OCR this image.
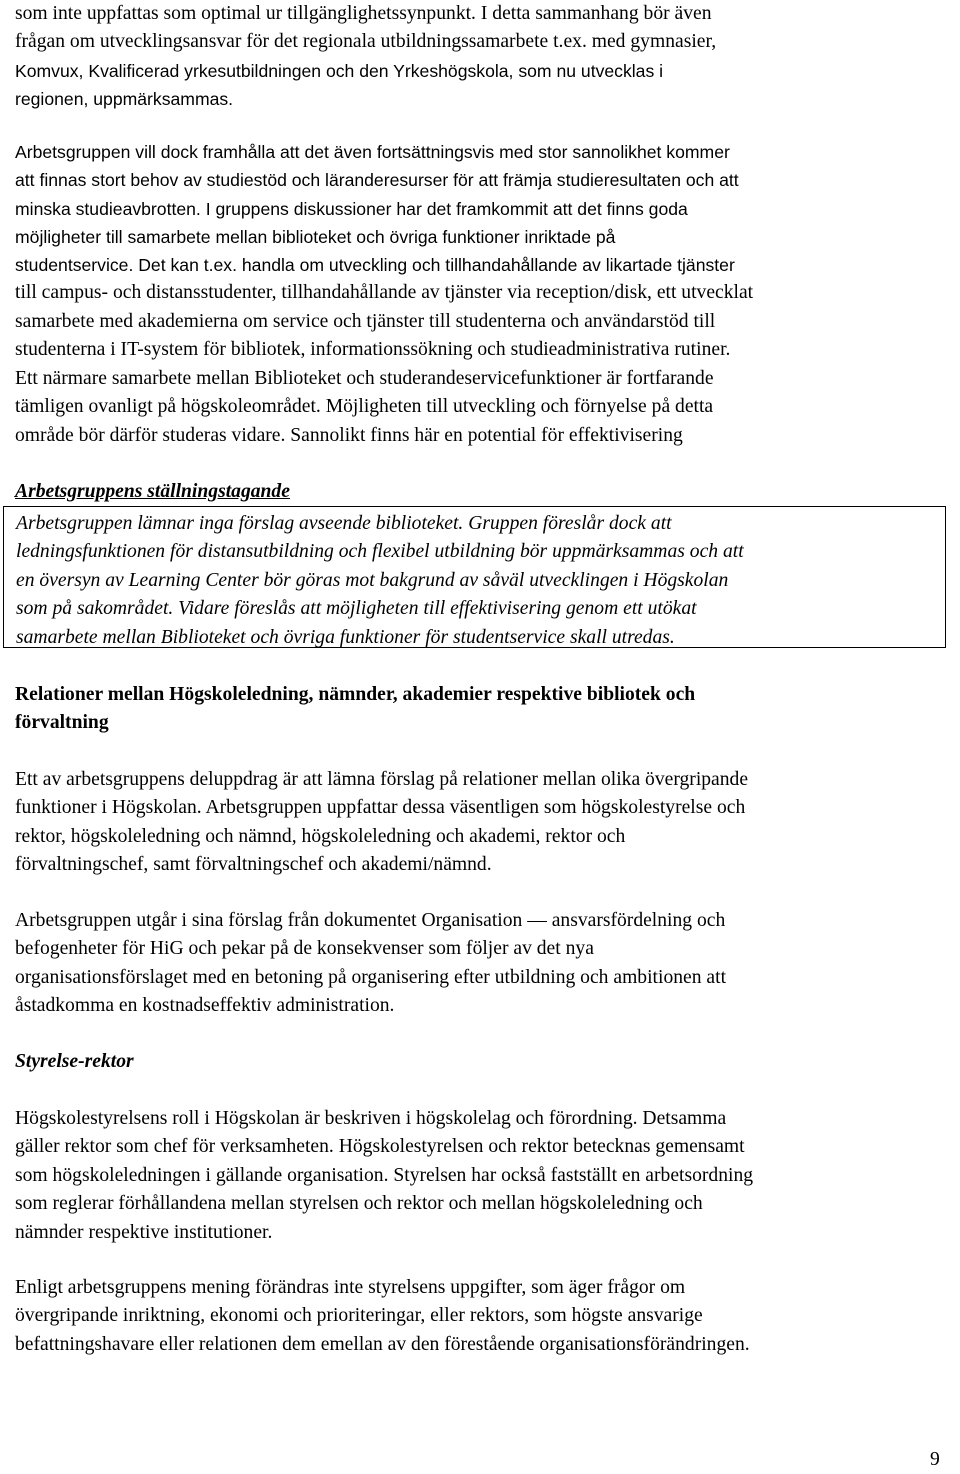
som inte uppfattas som optimal ur tillgänglighetssynpunkt. I detta sammanhang bör även
frågan om utvecklingsansvar för det regionala utbildningssamarbete t.ex. med gymnasier,
Komvux, Kvalificerad yrkesutbildningen och den Yrkeshögskola, som nu utvecklas i
regionen, uppmärksammas.
Arbetsgruppen vill dock framhålla att det även fortsättningsvis med stor sannolikhet kommer
att finnas stort behov av studiestöd och läranderesurser för att främja studieresultaten och att
minska studieavbrotten. I gruppens diskussioner har det framkommit att det finns goda
möjligheter till samarbete mellan biblioteket och övriga funktioner inriktade på
studentservice. Det kan t.ex. handla om utveckling och tillhandahållande av likartade tjänster
till campus- och distansstudenter, tillhandahållande av tjänster via reception/disk, ett utvecklat
samarbete med akademierna om service och tjänster till studenterna och användarstöd till
studenterna i IT-system för bibliotek, informationssökning och studieadministrativa rutiner.
Ett närmare samarbete mellan Biblioteket och studerandeservicefunktioner är fortfarande
tämligen ovanligt på högskoleområdet. Möjligheten till utveckling och förnyelse på detta
område bör därför studeras vidare. Sannolikt finns här en potential för effektivisering
Arbetsgruppens ställningstagande
Arbetsgruppen lämnar inga förslag avseende biblioteket. Gruppen föreslår dock att
ledningsfunktionen för distansutbildning och flexibel utbildning bör uppmärksammas och att
en översyn av Learning Center bör göras mot bakgrund av såväl utvecklingen i Högskolan
som på sakområdet. Vidare föreslås att möjligheten till effektivisering genom ett utökat
samarbete mellan Biblioteket och övriga funktioner för studentservice skall utredas.
Relationer mellan Högskoleledning, nämnder, akademier respektive bibliotek och
förvaltning
Ett av arbetsgruppens deluppdrag är att lämna förslag på relationer mellan olika övergripande
funktioner i Högskolan. Arbetsgruppen uppfattar dessa väsentligen som högskolestyrelse och
rektor, högskoleledning och nämnd, högskoleledning och akademi, rektor och
förvaltningschef, samt förvaltningschef och akademi/nämnd.
Arbetsgruppen utgår i sina förslag från dokumentet Organisation — ansvarsfördelning och
befogenheter för HiG och pekar på de konsekvenser som följer av det nya
organisationsförslaget med en betoning på organisering efter utbildning och ambitionen att
åstadkomma en kostnadseffektiv administration.
Styrelse-rektor
Högskolestyrelsens roll i Högskolan är beskriven i högskolelag och förordning. Detsamma
gäller rektor som chef för verksamheten. Högskolestyrelsen och rektor betecknas gemensamt
som högskoleledningen i gällande organisation. Styrelsen har också fastställt en arbetsordning
som reglerar förhållandena mellan styrelsen och rektor och mellan högskoleledning och
nämnder respektive institutioner.
Enligt arbetsgruppens mening förändras inte styrelsens uppgifter, som äger frågor om
övergripande inriktning, ekonomi och prioriteringar, eller rektors, som högste ansvarige
befattningshavare eller relationen dem emellan av den förestående organisationsförändringen.
9
